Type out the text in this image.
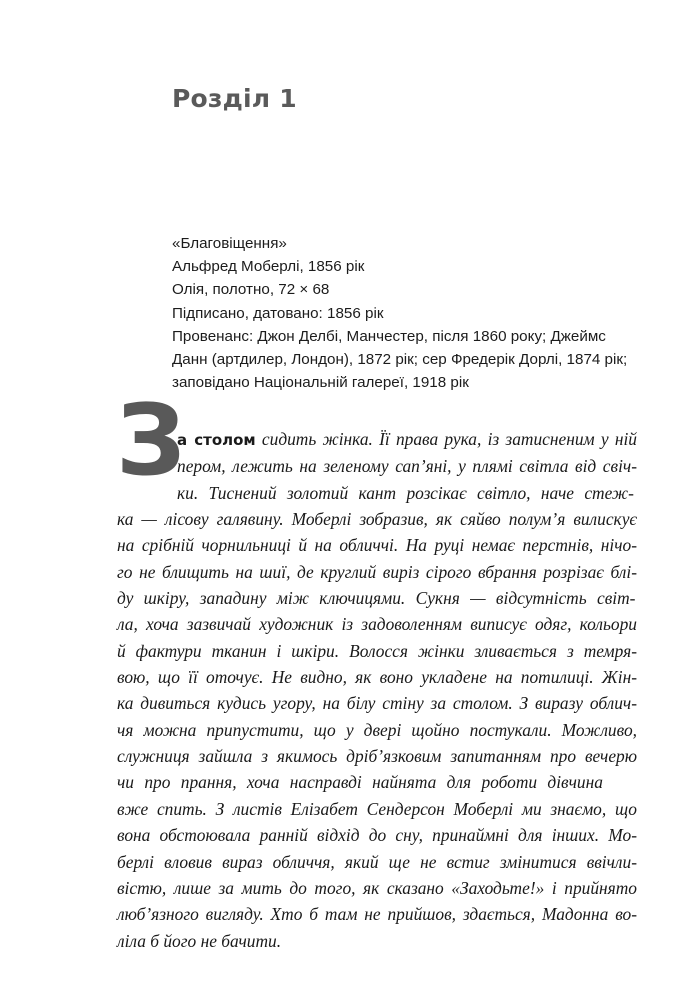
Розділ 1
«Благовіщення»
Альфред Моберлі, 1856 рік
Олія, полотно, 72 × 68
Підписано, датовано: 1856 рік
Провенанс: Джон Делбі, Манчестер, після 1860 року; Джеймс
Данн (артдилер, Лондон), 1872 рік; сер Фредерік Дорлі, 1874 рік;
заповідано Національній галереї, 1918 рік
З
а столом сидить жінка. Її права рука, із затисненим у ній
пером, лежить на зеленому сап’яні, у плямі світла від свіч-
ки. Тиснений золотий кант розсікає світло, наче стеж-
ка — лісову галявину. Моберлі зобразив, як сяйво полум’я вилискує
на срібній чорнильниці й на обличчі. На руці немає перстнів, нічо-
го не блищить на шиї, де круглий виріз сірого вбрання розрізає блі-
ду шкіру, западину між ключицями. Сукня — відсутність світ-
ла, хоча зазвичай художник із задоволенням виписує одяг, кольори
й фактури тканин і шкіри. Волосся жінки зливається з темря-
вою, що її оточує. Не видно, як воно укладене на потилиці. Жін-
ка дивиться кудись угору, на білу стіну за столом. З виразу облич-
чя можна припустити, що у двері щойно постукали. Можливо,
служниця зайшла з якимось дріб’язковим запитанням про вечерю
чи про прання, хоча насправді найнята для роботи дівчина
вже спить. З листів Елізабет Сендерсон Моберлі ми знаємо, що
вона обстоювала ранній відхід до сну, принаймні для інших. Мо-
берлі вловив вираз обличчя, який ще не встиг змінитися ввічли-
вістю, лише за мить до того, як сказано «Заходьте!» і прийнято
люб’язного вигляду. Хто б там не прийшов, здається, Мадонна во-
ліла б його не бачити.
